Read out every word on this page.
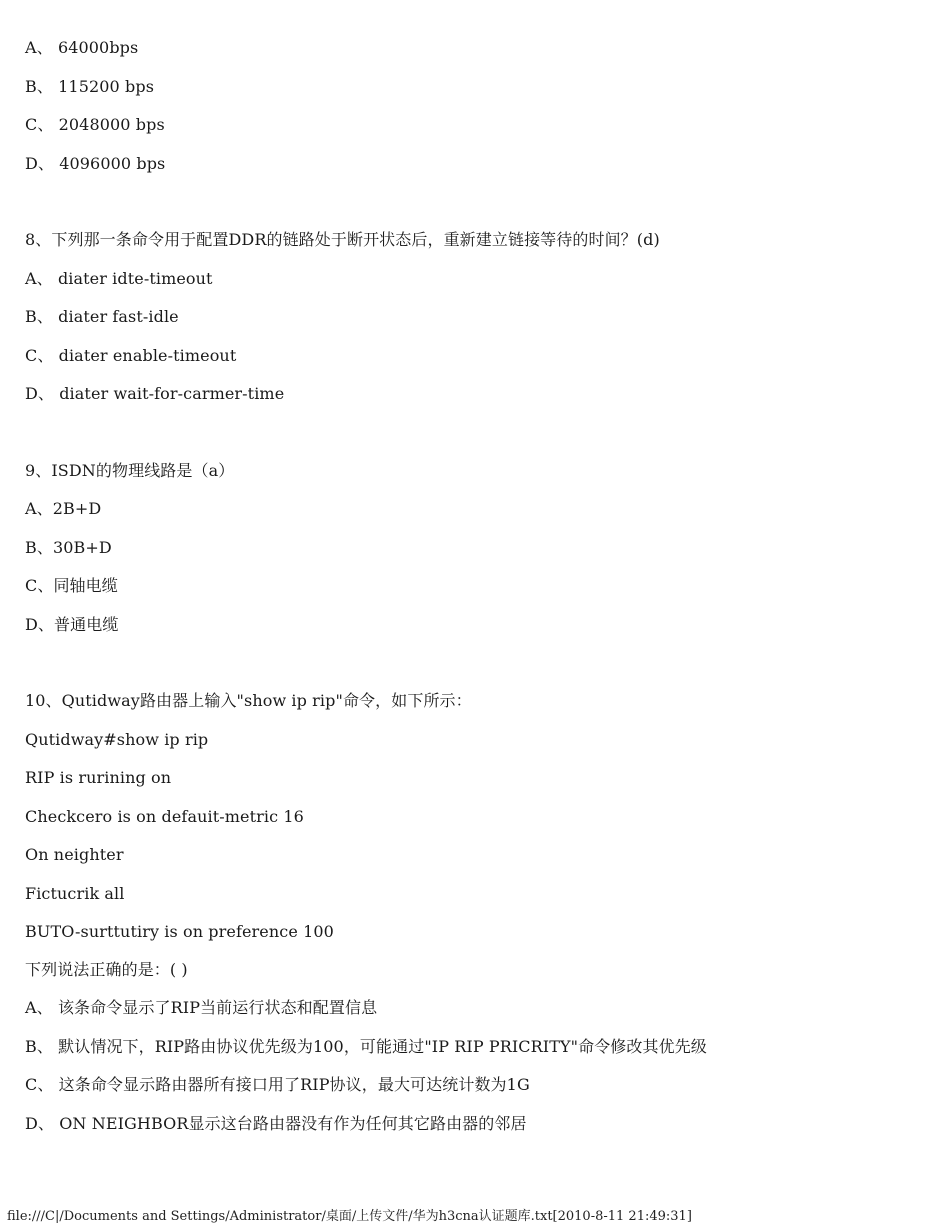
A、 64000bps
B、 115200 bps
C、 2048000 bps
D、 4096000 bps
8、下列那一条命令用于配置DDR的链路处于断开状态后，重新建立链接等待的时间？(d)
A、 diater idte-timeout
B、 diater fast-idle
C、 diater enable-timeout
D、 diater wait-for-carmer-time
9、ISDN的物理线路是（a）
A、2B+D
B、30B+D
C、同轴电缆
D、普通电缆
10、Qutidway路由器上输入"show ip rip"命令，如下所示：
Qutidway#show ip rip
RIP is rurining on
Checkcero is on defauit-metric 16
On neighter
Fictucrik all
BUTO-surttutiry is on preference 100
下列说法正确的是：( )
A、 该条命令显示了RIP当前运行状态和配置信息
B、 默认情况下，RIP路由协议优先级为100，可能通过"IP RIP PRICRITY"命令修改其优先级
C、 这条命令显示路由器所有接口用了RIP协议，最大可达统计数为1G
D、 ON NEIGHBOR显示这台路由器没有作为任何其它路由器的邻居
file:///C|/Documents and Settings/Administrator/桌面/上传文件/华为h3cna认证题库.txt[2010-8-11 21:49:31]
